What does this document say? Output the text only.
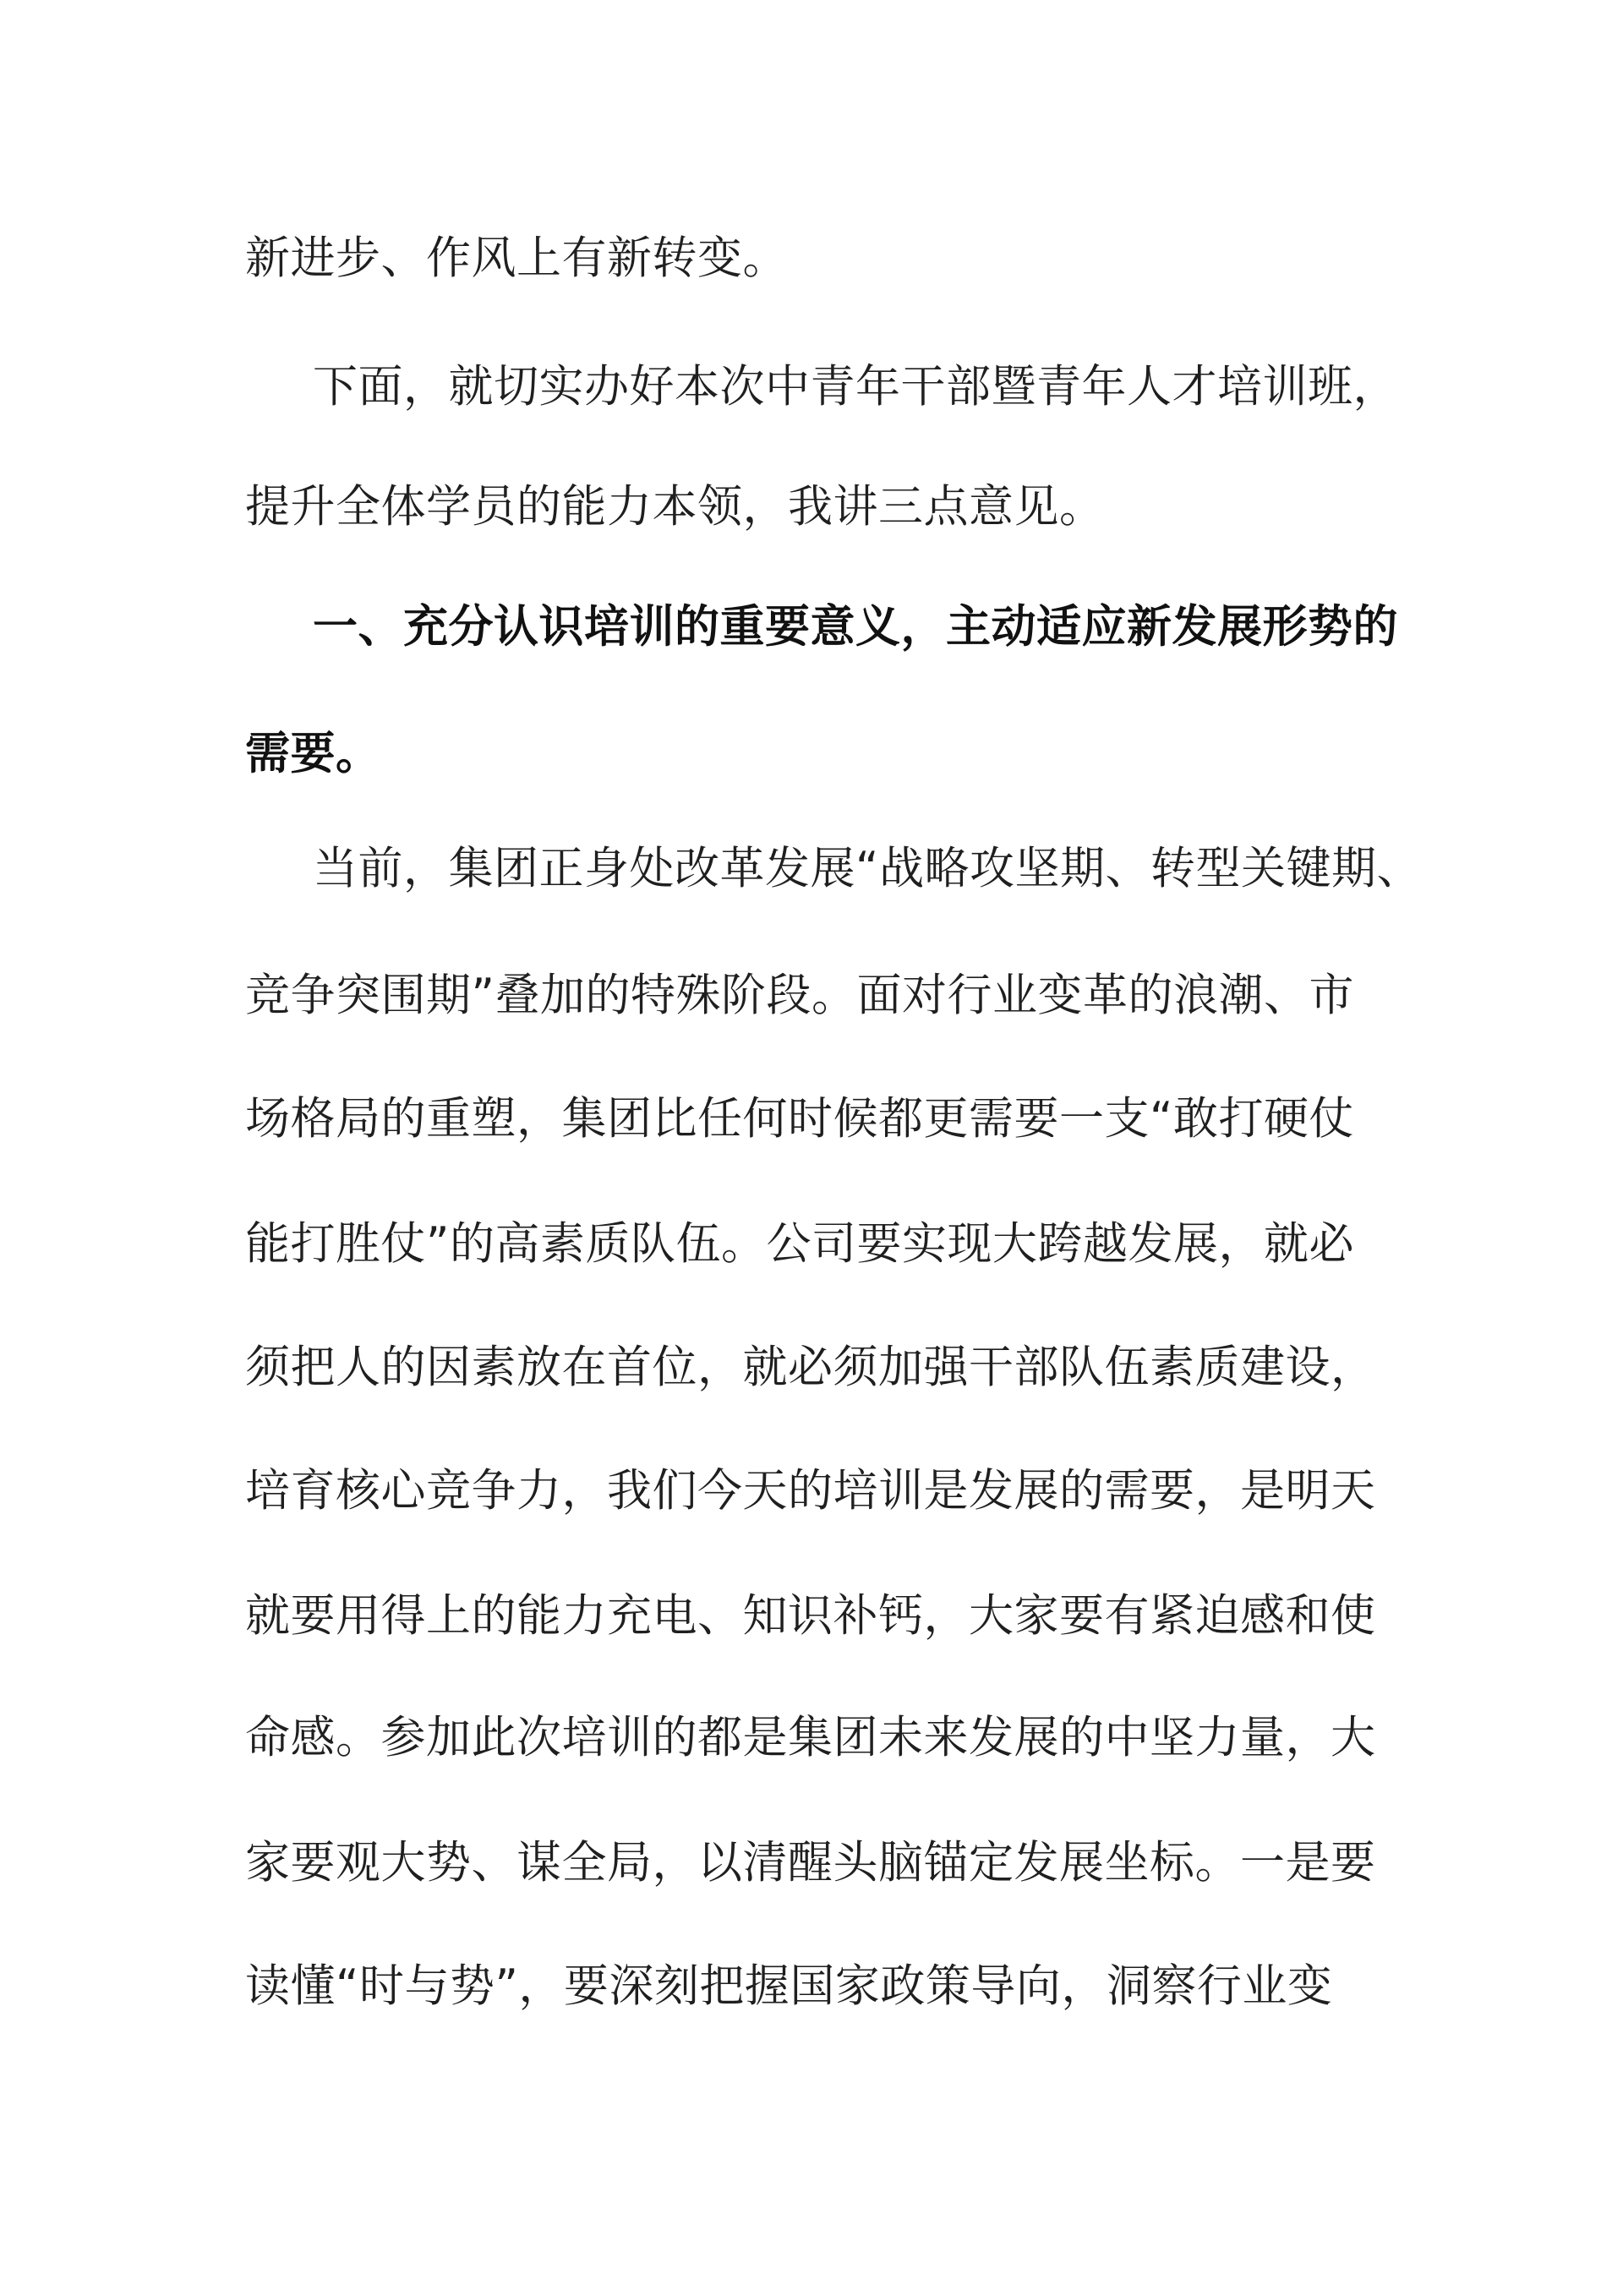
新进步、作风上有新转变。
下面，就切实办好本次中青年干部暨青年人才培训班，
提升全体学员的能力本领，我讲三点意见。
一、充分认识培训的重要意义，主动适应新发展形势的
需要。
当前，集团正身处改革发展“战略攻坚期、转型关键期、
竞争突围期”叠加的特殊阶段。面对行业变革的浪潮、市
场格局的重塑，集团比任何时候都更需要一支“敢打硬仗
能打胜仗”的高素质队伍。公司要实现大跨越发展，就必
须把人的因素放在首位，就必须加强干部队伍素质建设，
培育核心竞争力，我们今天的培训是发展的需要，是明天
就要用得上的能力充电、知识补钙，大家要有紧迫感和使
命感。参加此次培训的都是集团未来发展的中坚力量，大
家要观大势、谋全局，以清醒头脑锚定发展坐标。一是要
读懂“时与势”，要深刻把握国家政策导向，洞察行业变
